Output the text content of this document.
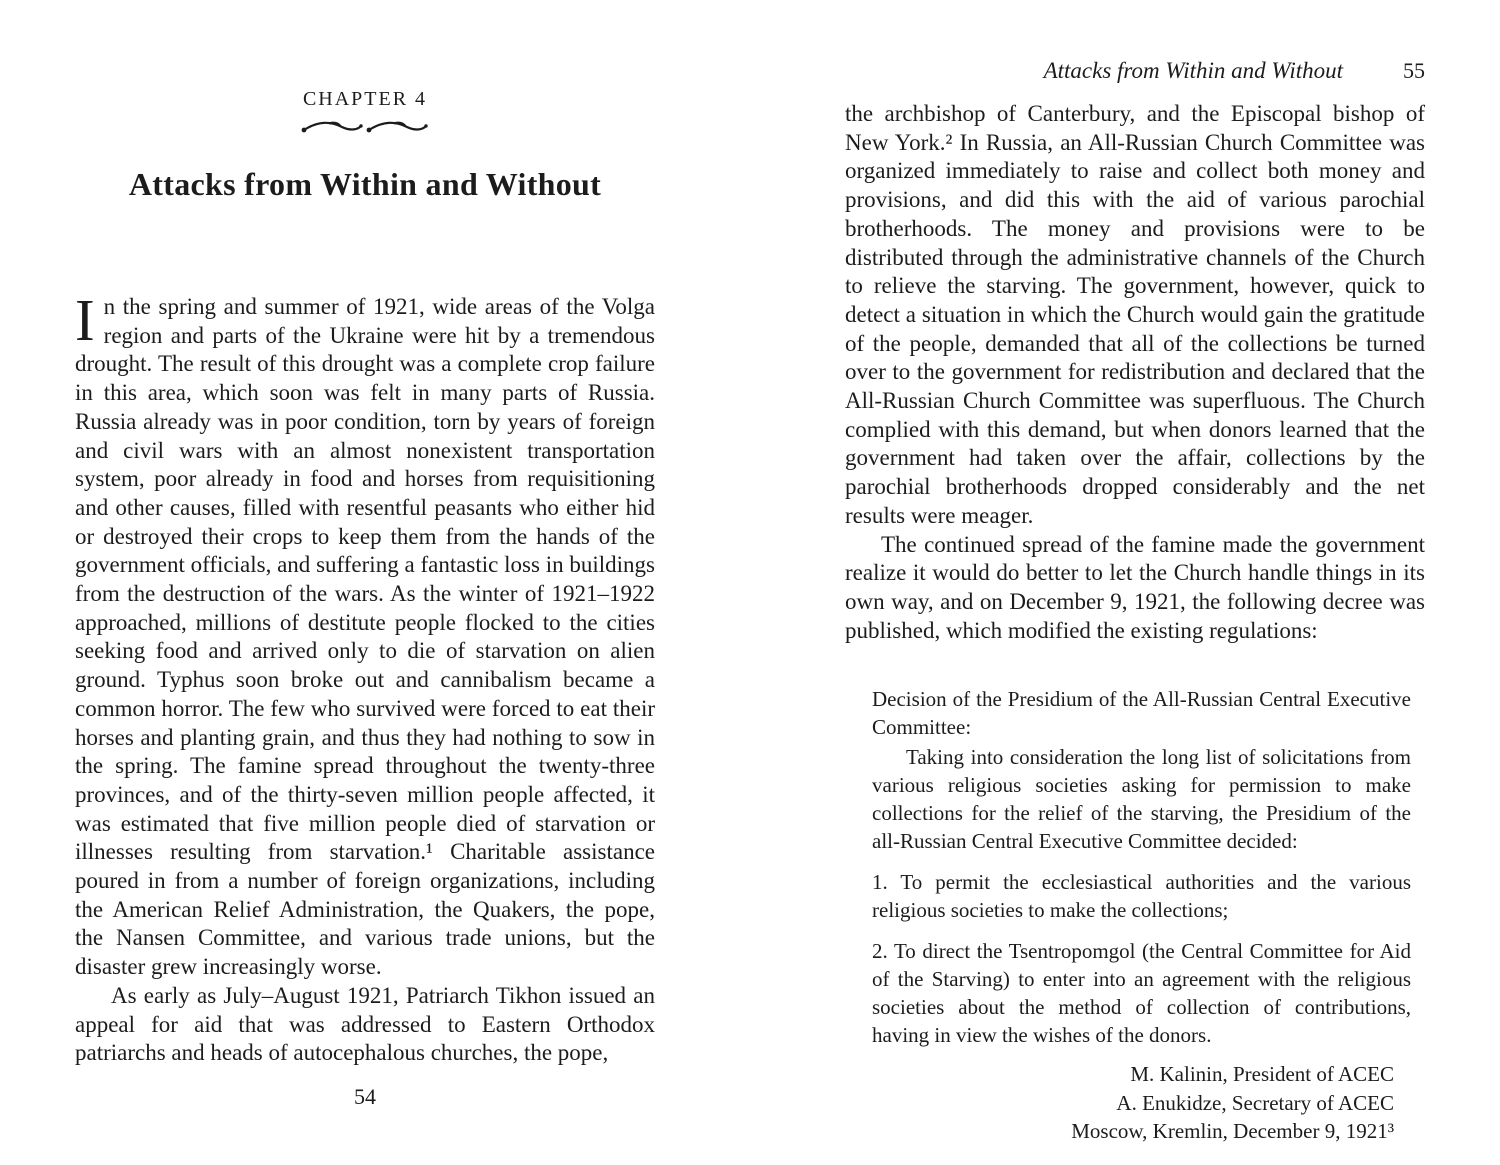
CHAPTER 4
Attacks from Within and Without

In the spring and summer of 1921, wide areas of the Volga region and parts of the Ukraine were hit by a tremendous drought. The result of this drought was a complete crop failure in this area, which soon was felt in many parts of Russia. Russia already was in poor condition, torn by years of foreign and civil wars with an almost nonexistent transportation system, poor already in food and horses from requisitioning and other causes, filled with resentful peasants who either hid or destroyed their crops to keep them from the hands of the government officials, and suffering a fantastic loss in buildings from the destruction of the wars. As the winter of 1921–1922 approached, millions of destitute people flocked to the cities seeking food and arrived only to die of starvation on alien ground. Typhus soon broke out and cannibalism became a common horror. The few who survived were forced to eat their horses and planting grain, and thus they had nothing to sow in the spring. The famine spread throughout the twenty-three provinces, and of the thirty-seven million people affected, it was estimated that five million people died of starvation or illnesses resulting from starvation.¹ Charitable assistance poured in from a number of foreign organizations, including the American Relief Administration, the Quakers, the pope, the Nansen Committee, and various trade unions, but the disaster grew increasingly worse.

As early as July–August 1921, Patriarch Tikhon issued an appeal for aid that was addressed to Eastern Orthodox patriarchs and heads of autocephalous churches, the pope,

54
Attacks from Within and Without	55

the archbishop of Canterbury, and the Episcopal bishop of New York.² In Russia, an All-Russian Church Committee was organized immediately to raise and collect both money and provisions, and did this with the aid of various parochial brotherhoods. The money and provisions were to be distributed through the administrative channels of the Church to relieve the starving. The government, however, quick to detect a situation in which the Church would gain the gratitude of the people, demanded that all of the collections be turned over to the government for redistribution and declared that the All-Russian Church Committee was superfluous. The Church complied with this demand, but when donors learned that the government had taken over the affair, collections by the parochial brotherhoods dropped considerably and the net results were meager.

The continued spread of the famine made the government realize it would do better to let the Church handle things in its own way, and on December 9, 1921, the following decree was published, which modified the existing regulations:

Decision of the Presidium of the All-Russian Central Executive Committee:

Taking into consideration the long list of solicitations from various religious societies asking for permission to make collections for the relief of the starving, the Presidium of the all-Russian Central Executive Committee decided:

1. To permit the ecclesiastical authorities and the various religious societies to make the collections;

2. To direct the Tsentropomgol (the Central Committee for Aid of the Starving) to enter into an agreement with the religious societies about the method of collection of contributions, having in view the wishes of the donors.

M. Kalinin, President of ACEC
A. Enukidze, Secretary of ACEC
Moscow, Kremlin, December 9, 1921³
